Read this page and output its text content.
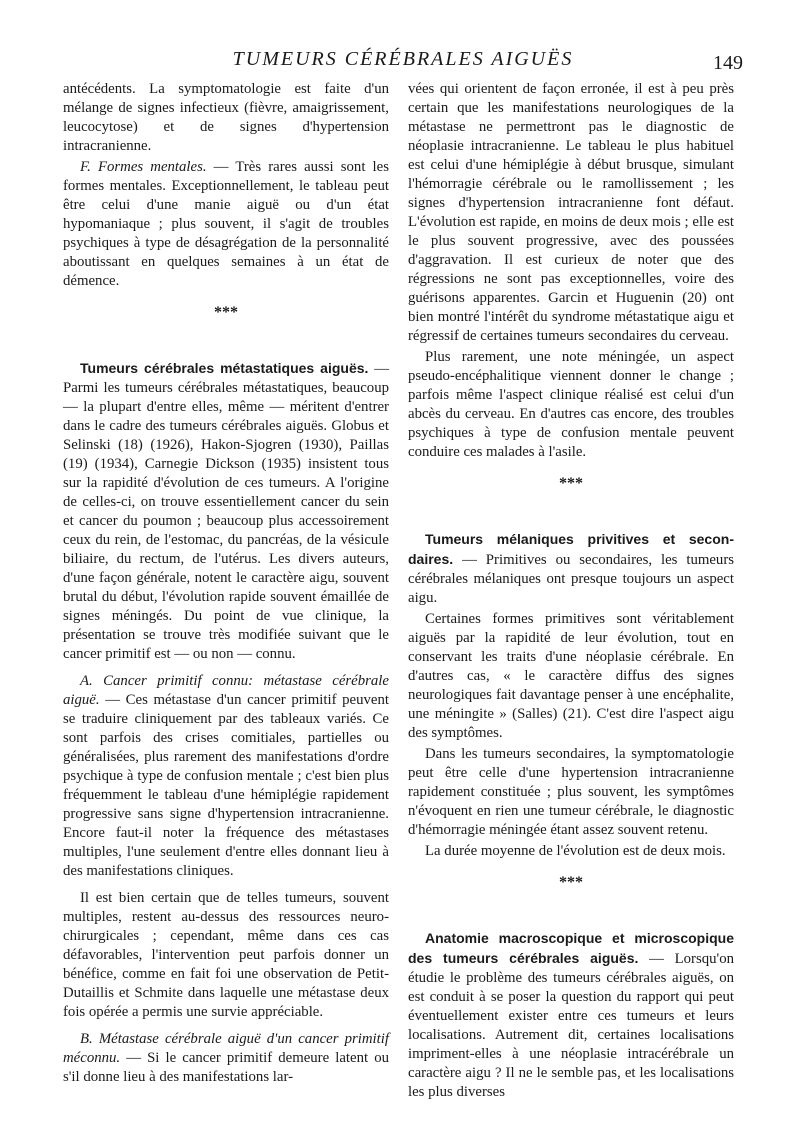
TUMEURS CÉRÉBRALES AIGUËS	149

antécédents. La symptomatologie est faite d'un mélange de signes infectieux (fièvre, amaigrissement, leucocytose) et de signes d'hypertension intracranienne.

F. Formes mentales. — Très rares aussi sont les formes mentales. Exceptionnellement, le tableau peut être celui d'une manie aiguë ou d'un état hypomaniaque ; plus souvent, il s'agit de troubles psychiques à type de désagrégation de la personnalité aboutissant en quelques semaines à un état de démence.

***

Tumeurs cérébrales métastatiques aiguës. — Parmi les tumeurs cérébrales métastatiques, beaucoup — la plupart d'entre elles, même — méritent d'entrer dans le cadre des tumeurs cérébrales aiguës. Globus et Selinski (18) (1926), Hakon-Sjogren (1930), Paillas (19) (1934), Carnegie Dickson (1935) insistent tous sur la rapidité d'évolution de ces tumeurs. A l'origine de celles-ci, on trouve essentiellement cancer du sein et cancer du poumon ; beaucoup plus accessoirement ceux du rein, de l'estomac, du pancréas, de la vésicule biliaire, du rectum, de l'utérus. Les divers auteurs, d'une façon générale, notent le caractère aigu, souvent brutal du début, l'évolution rapide souvent émaillée de signes méningés. Du point de vue clinique, la présentation se trouve très modifiée suivant que le cancer primitif est — ou non — connu.

A. Cancer primitif connu: métastase cérébrale aiguë. — Ces métastase d'un cancer primitif peuvent se traduire cliniquement par des tableaux variés. Ce sont parfois des crises comitiales, partielles ou généralisées, plus rarement des manifestations d'ordre psychique à type de confusion mentale ; c'est bien plus fréquemment le tableau d'une hémiplégie rapidement progressive sans signe d'hypertension intracranienne. Encore faut-il noter la fréquence des métastases multiples, l'une seulement d'entre elles donnant lieu à des manifestations cliniques.

Il est bien certain que de telles tumeurs, souvent multiples, restent au-dessus des ressources neuro-chirurgicales ; cependant, même dans ces cas défavorables, l'intervention peut parfois donner un bénéfice, comme en fait foi une observation de Petit-Dutaillis et Schmite dans laquelle une métastase deux fois opérée a permis une survie appréciable.

B. Métastase cérébrale aiguë d'un cancer primitif méconnu. — Si le cancer primitif demeure latent ou s'il donne lieu à des manifestations lar-

vées qui orientent de façon erronée, il est à peu près certain que les manifestations neurologiques de la métastase ne permettront pas le diagnostic de néoplasie intracranienne. Le tableau le plus habituel est celui d'une hémiplégie à début brusque, simulant l'hémorragie cérébrale ou le ramollissement ; les signes d'hypertension intracranienne font défaut. L'évolution est rapide, en moins de deux mois ; elle est le plus souvent progressive, avec des poussées d'aggravation. Il est curieux de noter que des régressions ne sont pas exceptionnelles, voire des guérisons apparentes. Garcin et Huguenin (20) ont bien montré l'intérêt du syndrome métastatique aigu et régressif de certaines tumeurs secondaires du cerveau.

Plus rarement, une note méningée, un aspect pseudo-encéphalitique viennent donner le change ; parfois même l'aspect clinique réalisé est celui d'un abcès du cerveau. En d'autres cas encore, des troubles psychiques à type de confusion mentale peuvent conduire ces malades à l'asile.

***

Tumeurs mélaniques privitives et secondaires. — Primitives ou secondaires, les tumeurs cérébrales mélaniques ont presque toujours un aspect aigu.

Certaines formes primitives sont véritablement aiguës par la rapidité de leur évolution, tout en conservant les traits d'une néoplasie cérébrale. En d'autres cas, « le caractère diffus des signes neurologiques fait davantage penser à une encéphalite, une méningite » (Salles) (21). C'est dire l'aspect aigu des symptômes.

Dans les tumeurs secondaires, la symptomatologie peut être celle d'une hypertension intracranienne rapidement constituée ; plus souvent, les symptômes n'évoquent en rien une tumeur cérébrale, le diagnostic d'hémorragie méningée étant assez souvent retenu.

La durée moyenne de l'évolution est de deux mois.

***

Anatomie macroscopique et microscopique des tumeurs cérébrales aiguës. — Lorsqu'on étudie le problème des tumeurs cérébrales aiguës, on est conduit à se poser la question du rapport qui peut éventuellement exister entre ces tumeurs et leurs localisations. Autrement dit, certaines localisations impriment-elles à une néoplasie intracérébrale un caractère aigu ? Il ne le semble pas, et les localisations les plus diverses
